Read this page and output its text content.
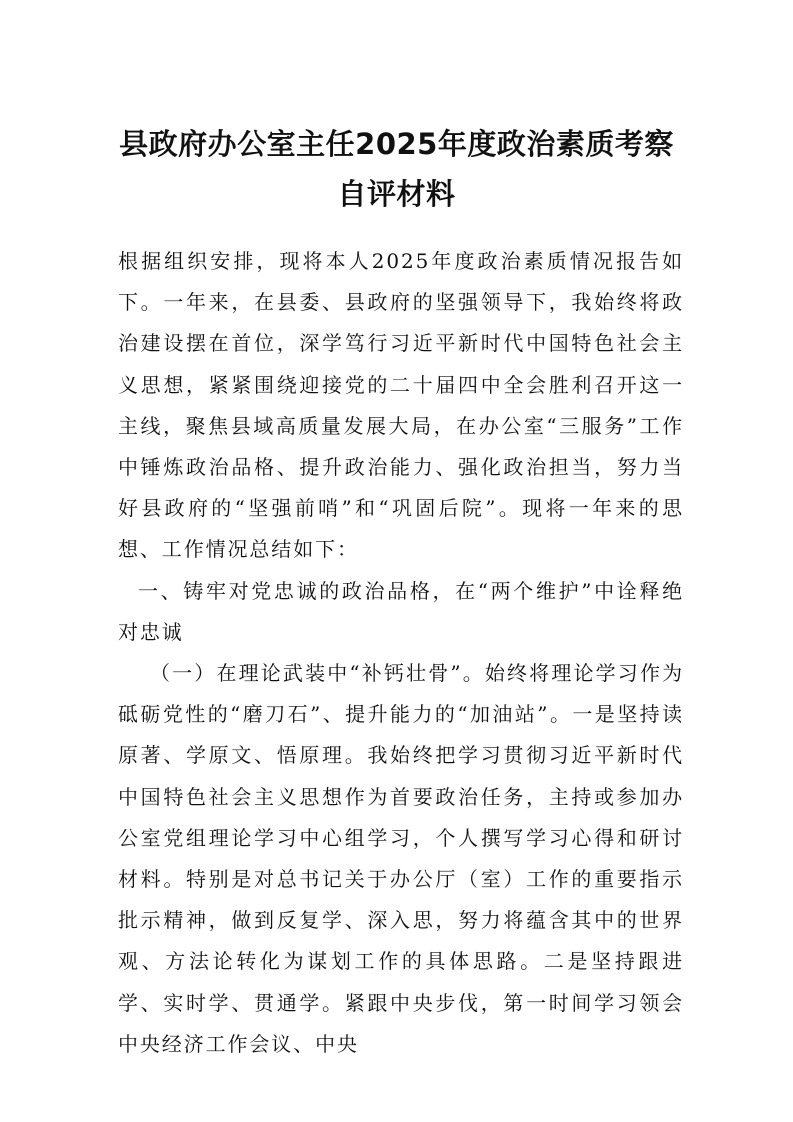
县政府办公室主任2025年度政治素质考察
自评材料

根据组织安排，现将本人2025年度政治素质情况报告如下。一年来，在县委、县政府的坚强领导下，我始终将政治建设摆在首位，深学笃行习近平新时代中国特色社会主义思想，紧紧围绕迎接党的二十届四中全会胜利召开这一主线，聚焦县域高质量发展大局，在办公室“三服务”工作中锤炼政治品格、提升政治能力、强化政治担当，努力当好县政府的“坚强前哨”和“巩固后院”。现将一年来的思想、工作情况总结如下：

一、铸牢对党忠诚的政治品格，在“两个维护”中诠释绝对忠诚

（一）在理论武装中“补钙壮骨”。始终将理论学习作为砥砺党性的“磨刀石”、提升能力的“加油站”。一是坚持读原著、学原文、悟原理。我始终把学习贯彻习近平新时代中国特色社会主义思想作为首要政治任务，主持或参加办公室党组理论学习中心组学习，个人撰写学习心得和研讨材料。特别是对总书记关于办公厅（室）工作的重要指示批示精神，做到反复学、深入思，努力将蕴含其中的世界观、方法论转化为谋划工作的具体思路。二是坚持跟进学、实时学、贯通学。紧跟中央步伐，第一时间学习领会中央经济工作会议、中央
